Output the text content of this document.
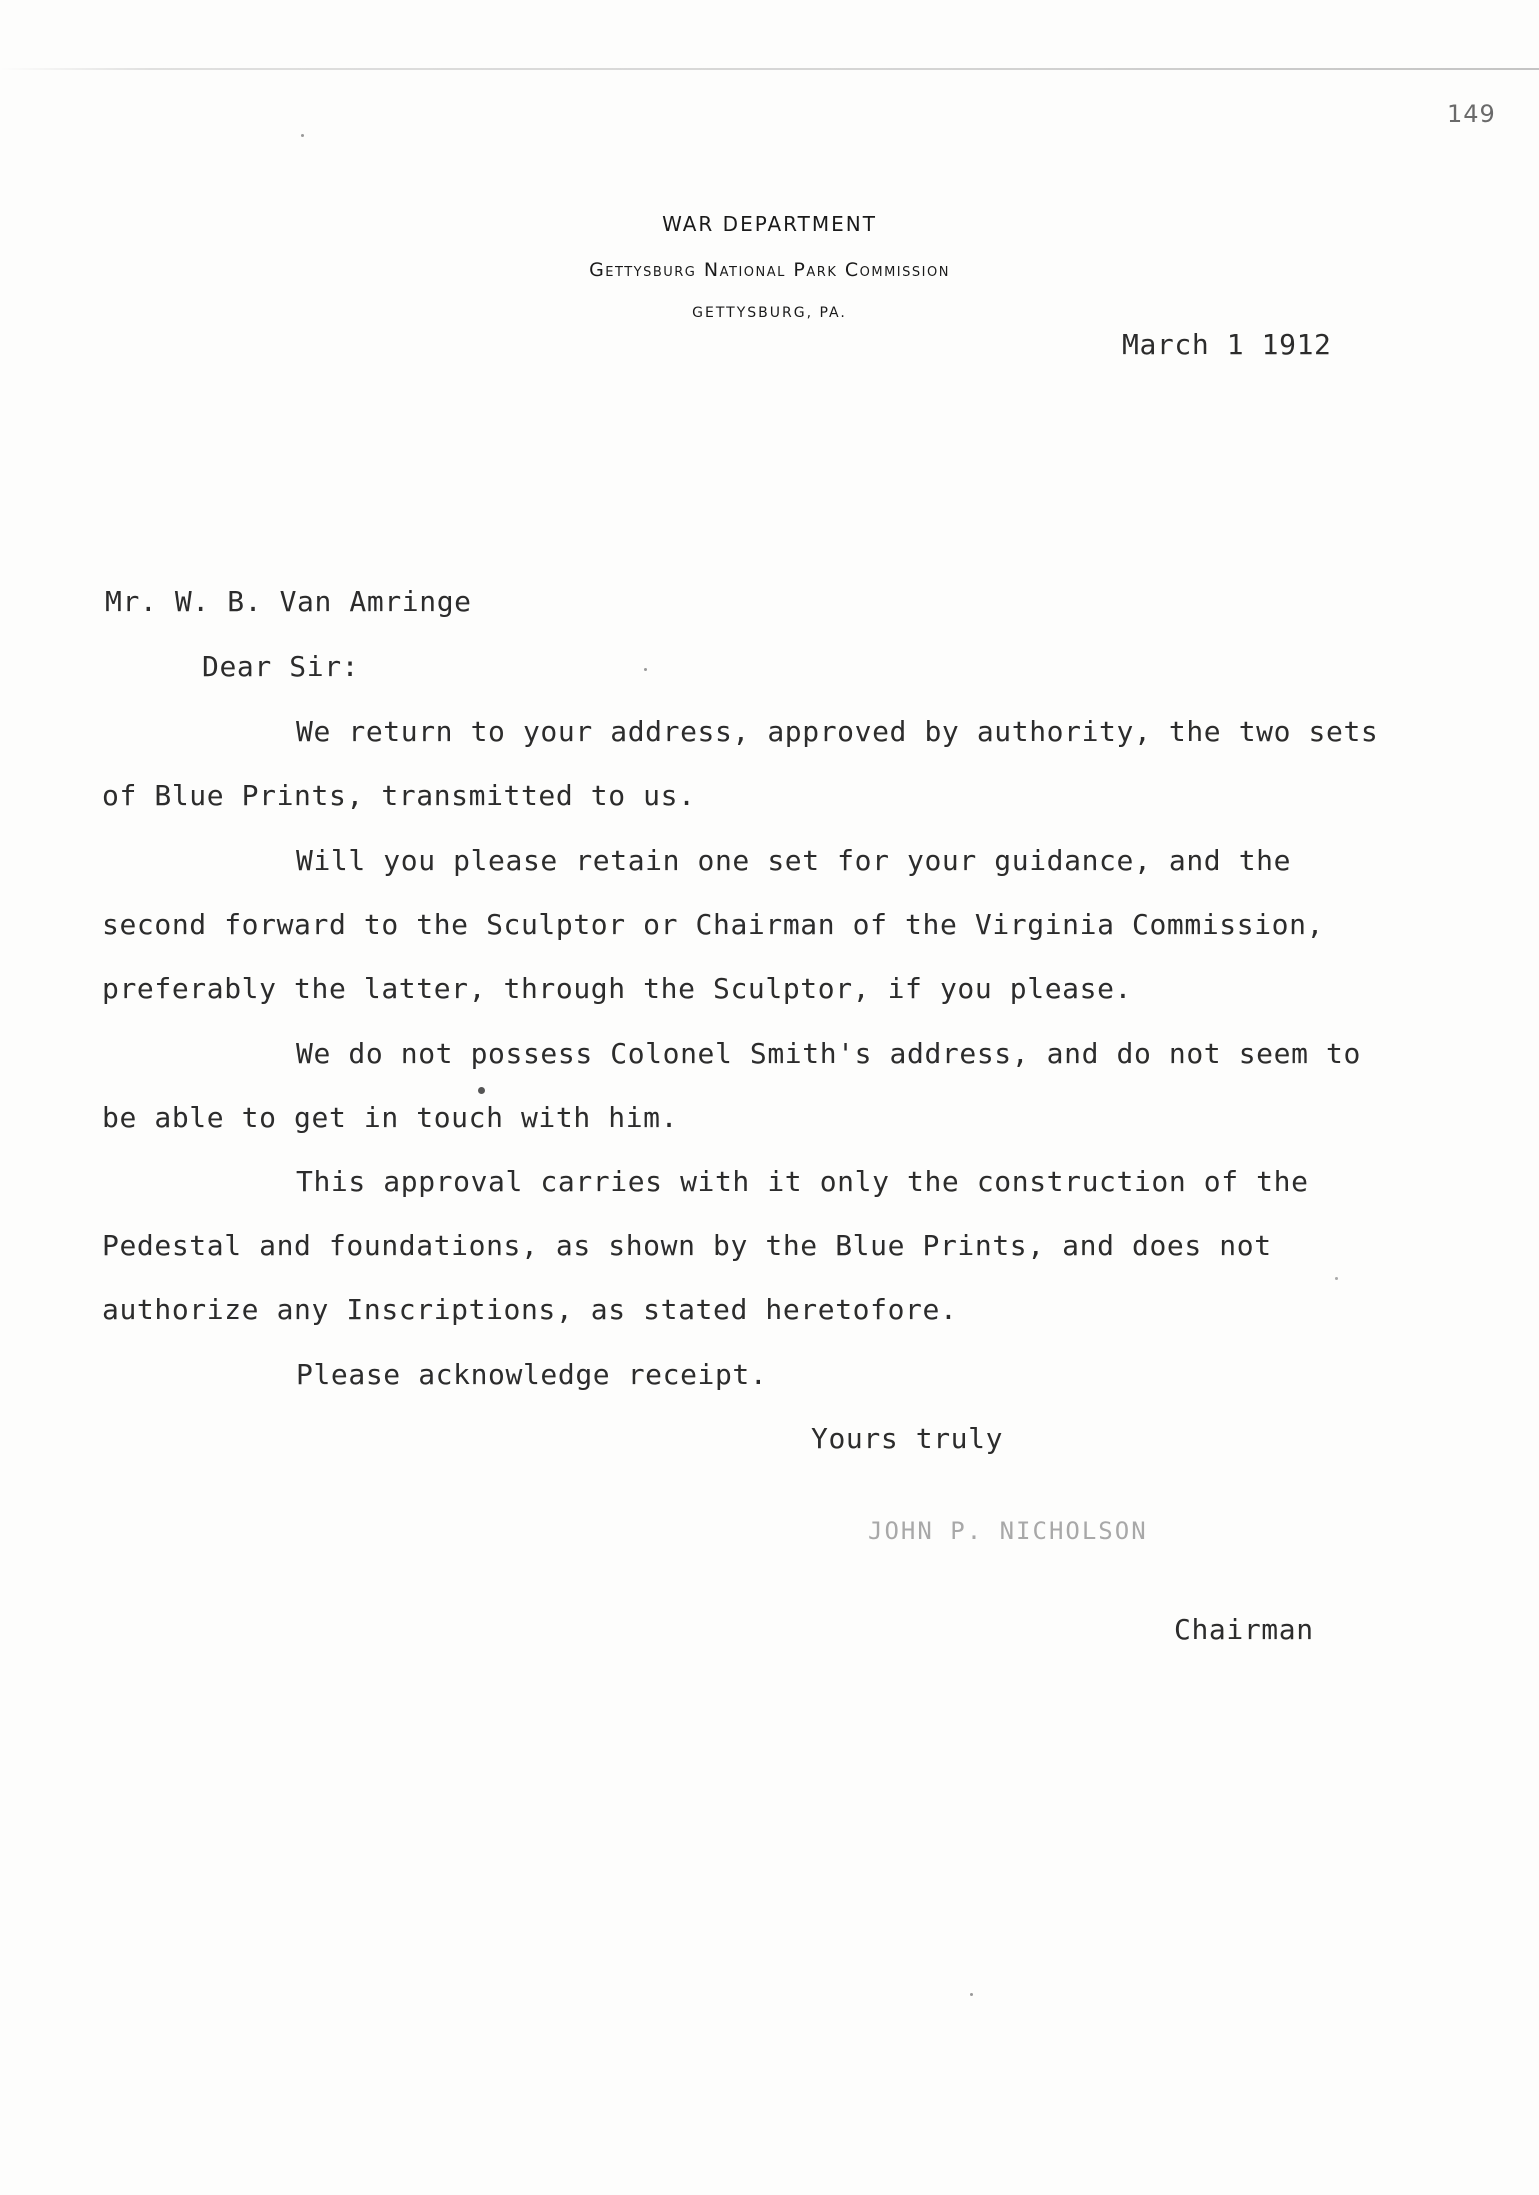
149
WAR DEPARTMENT
Gettysburg National Park Commission
GETTYSBURG, PA.
March 1 1912
Mr. W. B. Van Amringe
Dear Sir:
We return to your address, approved by authority, the two sets
of Blue Prints, transmitted to us.
Will you please retain one set for your guidance, and the
second forward to the Sculptor or Chairman of the Virginia Commission,
preferably the latter, through the Sculptor, if you please.
We do not possess Colonel Smith's address, and do not seem to
be able to get in touch with him.
This approval carries with it only the construction of the
Pedestal and foundations, as shown by the Blue Prints, and does not
authorize any Inscriptions, as stated heretofore.
Please acknowledge receipt.
Yours truly
JOHN P. NICHOLSON
Chairman
